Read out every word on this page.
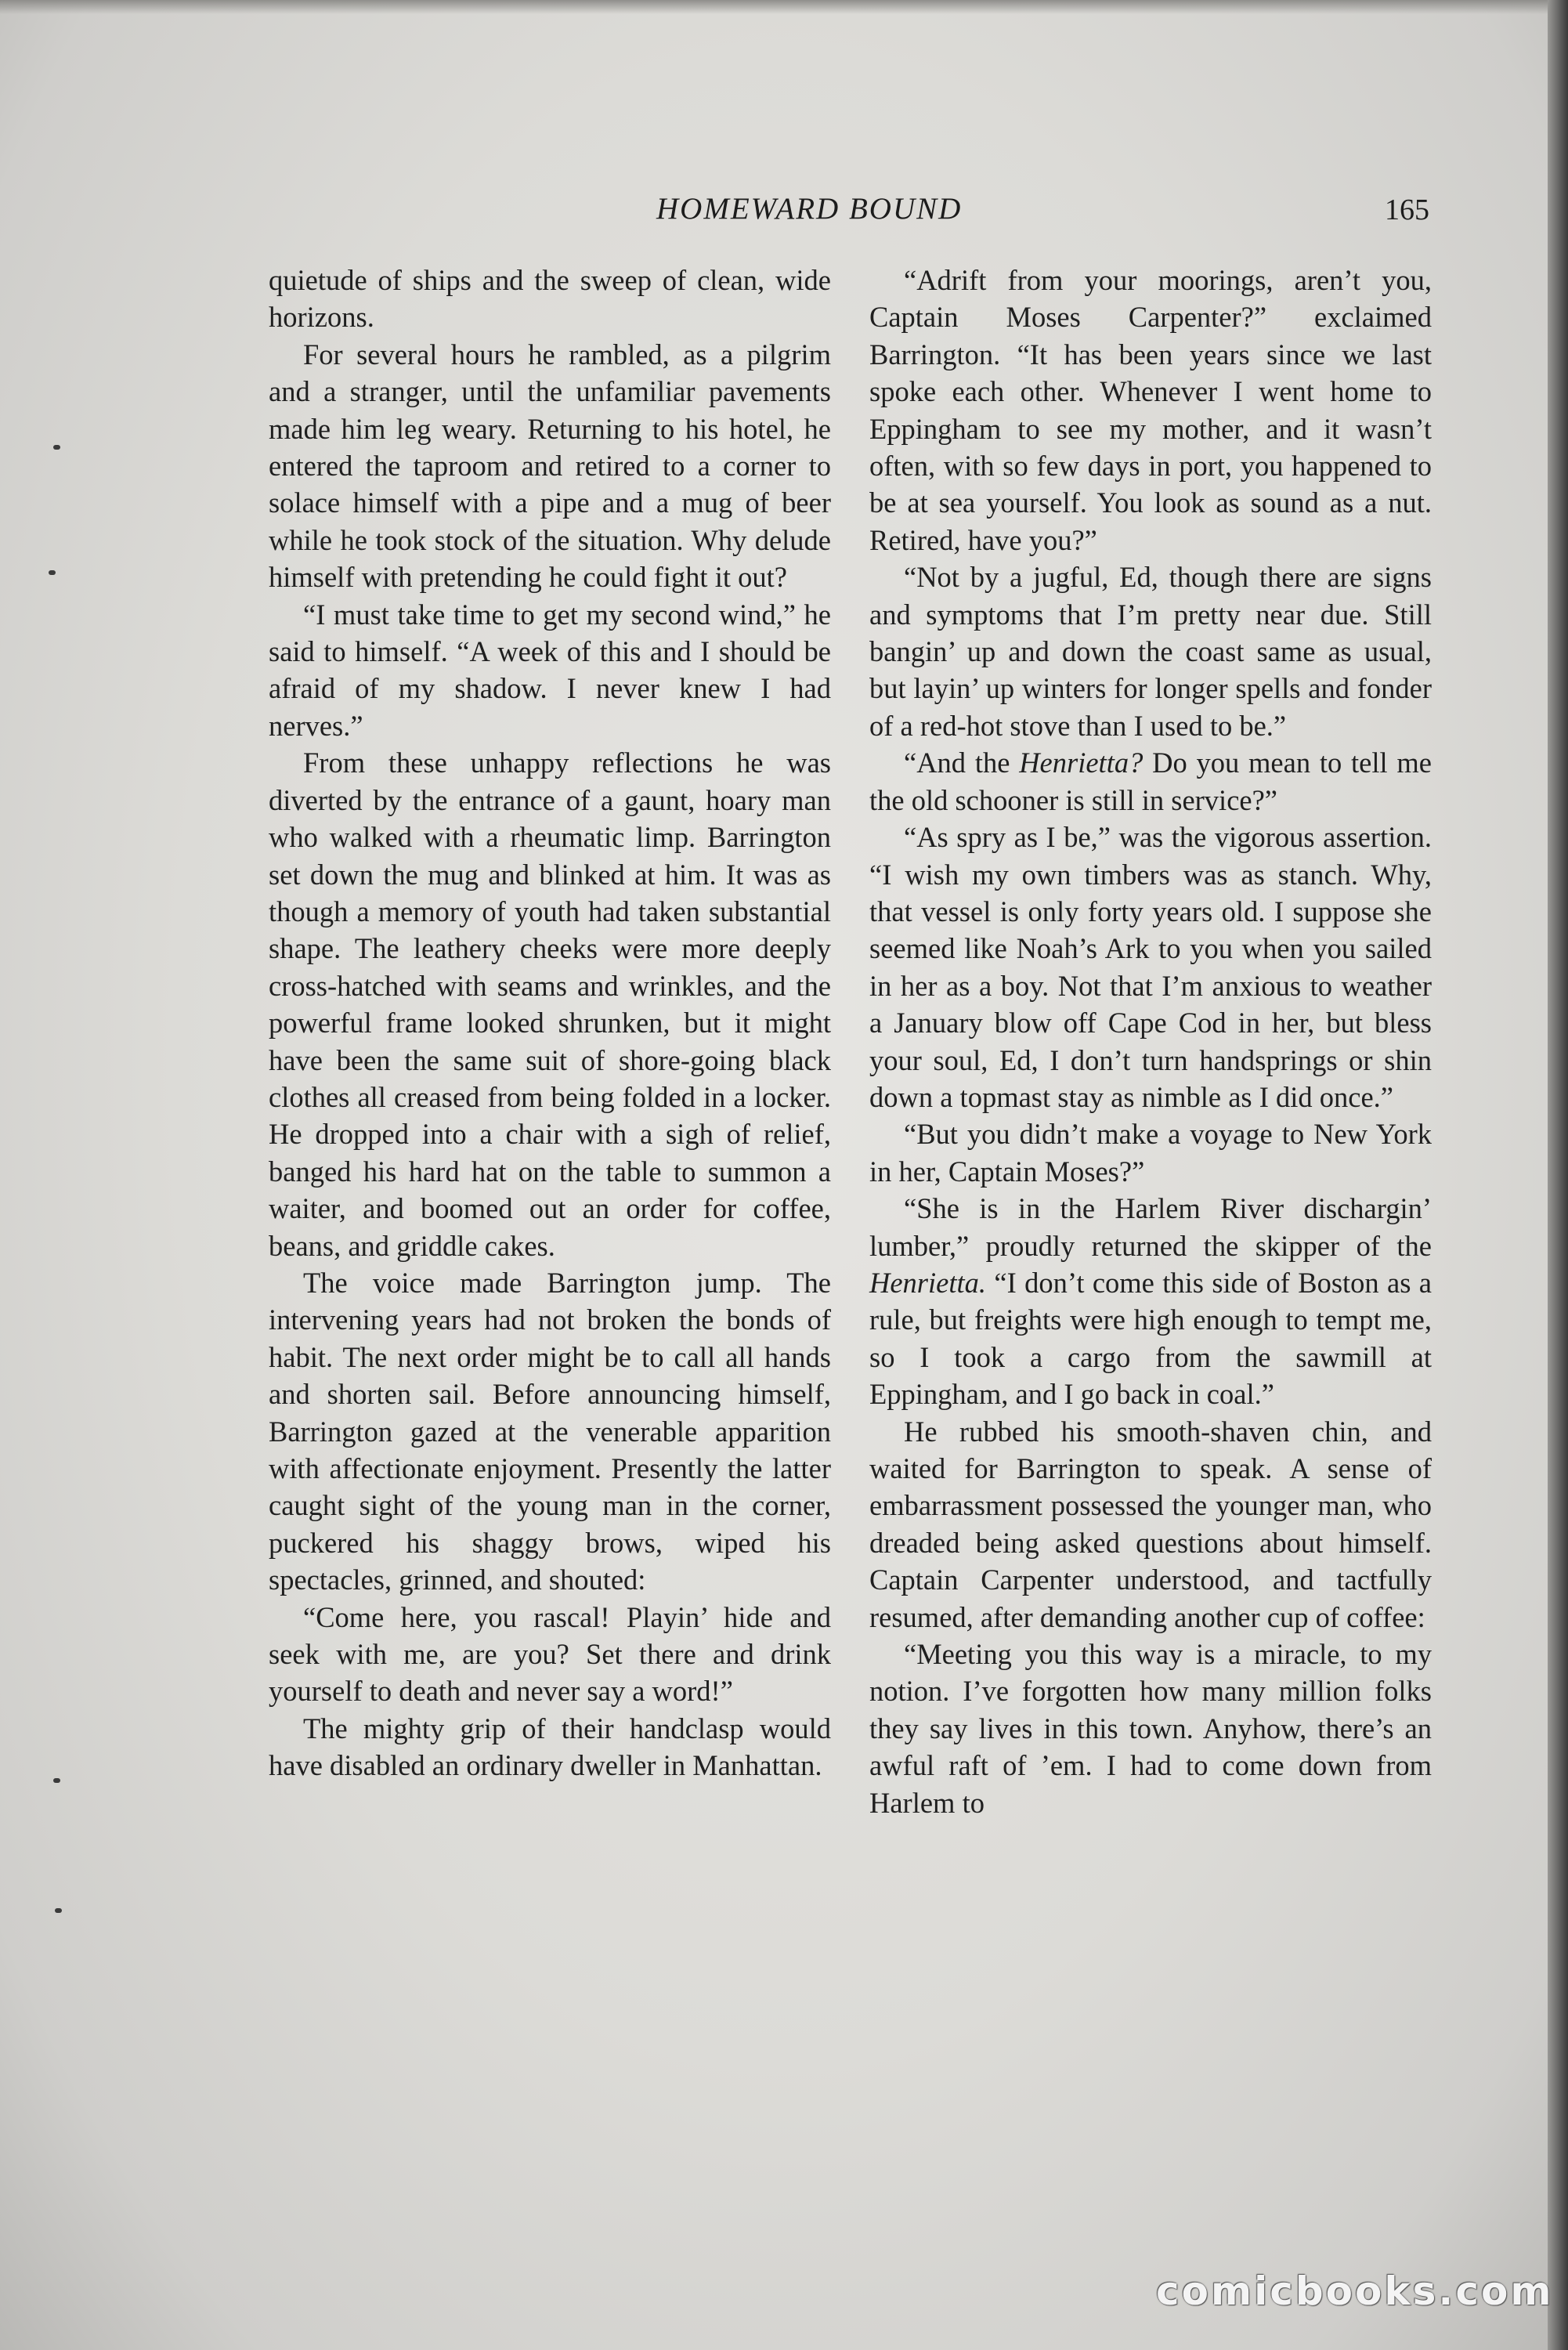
HOMEWARD BOUND	165

quietude of ships and the sweep of clean, wide horizons.

For several hours he rambled, as a pilgrim and a stranger, until the unfamiliar pavements made him leg weary. Returning to his hotel, he entered the taproom and retired to a corner to solace himself with a pipe and a mug of beer while he took stock of the situation. Why delude himself with pretending he could fight it out?

“I must take time to get my second wind,” he said to himself. “A week of this and I should be afraid of my shadow. I never knew I had nerves.”

From these unhappy reflections he was diverted by the entrance of a gaunt, hoary man who walked with a rheumatic limp. Barrington set down the mug and blinked at him. It was as though a memory of youth had taken substantial shape. The leathery cheeks were more deeply cross-hatched with seams and wrinkles, and the powerful frame looked shrunken, but it might have been the same suit of shore-going black clothes all creased from being folded in a locker. He dropped into a chair with a sigh of relief, banged his hard hat on the table to summon a waiter, and boomed out an order for coffee, beans, and griddle cakes.

The voice made Barrington jump. The intervening years had not broken the bonds of habit. The next order might be to call all hands and shorten sail. Before announcing himself, Barrington gazed at the venerable apparition with affectionate enjoyment. Presently the latter caught sight of the young man in the corner, puckered his shaggy brows, wiped his spectacles, grinned, and shouted:

“Come here, you rascal! Playin’ hide and seek with me, are you? Set there and drink yourself to death and never say a word!”

The mighty grip of their handclasp would have disabled an ordinary dweller in Manhattan.

“Adrift from your moorings, aren’t you, Captain Moses Carpenter?” exclaimed Barrington. “It has been years since we last spoke each other. Whenever I went home to Eppingham to see my mother, and it wasn’t often, with so few days in port, you happened to be at sea yourself. You look as sound as a nut. Retired, have you?”

“Not by a jugful, Ed, though there are signs and symptoms that I’m pretty near due. Still bangin’ up and down the coast same as usual, but layin’ up winters for longer spells and fonder of a red-hot stove than I used to be.”

“And the Henrietta? Do you mean to tell me the old schooner is still in service?”

“As spry as I be,” was the vigorous assertion. “I wish my own timbers was as stanch. Why, that vessel is only forty years old. I suppose she seemed like Noah’s Ark to you when you sailed in her as a boy. Not that I’m anxious to weather a January blow off Cape Cod in her, but bless your soul, Ed, I don’t turn handsprings or shin down a topmast stay as nimble as I did once.”

“But you didn’t make a voyage to New York in her, Captain Moses?”

“She is in the Harlem River dischargin’ lumber,” proudly returned the skipper of the Henrietta. “I don’t come this side of Boston as a rule, but freights were high enough to tempt me, so I took a cargo from the sawmill at Eppingham, and I go back in coal.”

He rubbed his smooth-shaven chin, and waited for Barrington to speak. A sense of embarrassment possessed the younger man, who dreaded being asked questions about himself. Captain Carpenter understood, and tactfully resumed, after demanding another cup of coffee:

“Meeting you this way is a miracle, to my notion. I’ve forgotten how many million folks they say lives in this town. Anyhow, there’s an awful raft of ’em. I had to come down from Harlem to

comicbooks.com
